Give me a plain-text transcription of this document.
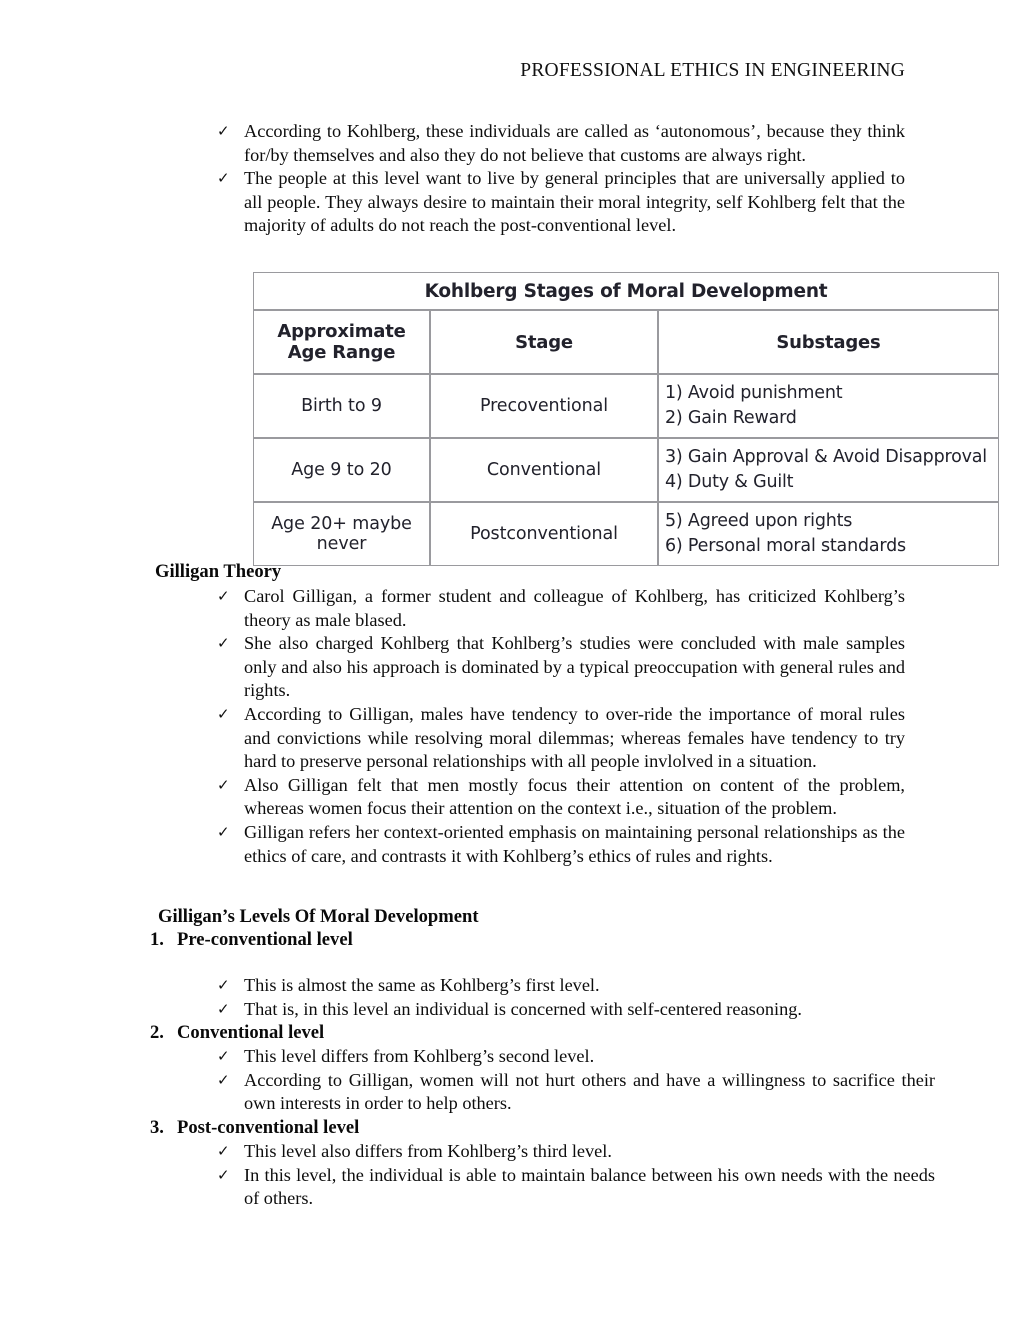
PROFESSIONAL ETHICS IN ENGINEERING
✓ According to Kohlberg, these individuals are called as ‘autonomous’, because they think for/by themselves and also they do not believe that customs are always right.
✓ The people at this level want to live by general principles that are universally applied to all people. They always desire to maintain their moral integrity, self Kohlberg felt that the majority of adults do not reach the post-conventional level.
Kohlberg Stages of Moral Development		
Approximate Age Range	Stage	Substages
Birth to 9	Precoventional	1) Avoid punishment
2) Gain Reward

Age 9 to 20	Conventional	3) Gain Approval & Avoid Disapproval
4) Duty & Guilt

Age 20+ maybe never	Postconventional	5) Agreed upon rights
6) Personal moral standards
Gilligan Theory
✓ Carol Gilligan, a former student and colleague of Kohlberg, has criticized Kohlberg’s theory as male blased.
✓ She also charged Kohlberg that Kohlberg’s studies were concluded with male samples only and also his approach is dominated by a typical preoccupation with general rules and rights.
✓ According to Gilligan, males have tendency to over-ride the importance of moral rules and convictions while resolving moral dilemmas; whereas females have tendency to try hard to preserve personal relationships with all people invlolved in a situation.
✓ Also Gilligan felt that men mostly focus their attention on content of the problem, whereas women focus their attention on the context i.e., situation of the problem.
✓ Gilligan refers her context-oriented emphasis on maintaining personal relationships as the ethics of care, and contrasts it with Kohlberg’s ethics of rules and rights.
Gilligan’s Levels Of Moral Development
1. Pre-conventional level
✓ This is almost the same as Kohlberg’s first level.
✓ That is, in this level an individual is concerned with self-centered reasoning.
2. Conventional level
✓ This level differs from Kohlberg’s second level.
✓ According to Gilligan, women will not hurt others and have a willingness to sacrifice their own interests in order to help others.
3. Post-conventional level
✓ This level also differs from Kohlberg’s third level.
✓ In this level, the individual is able to maintain balance between his own needs with the needs of others.
